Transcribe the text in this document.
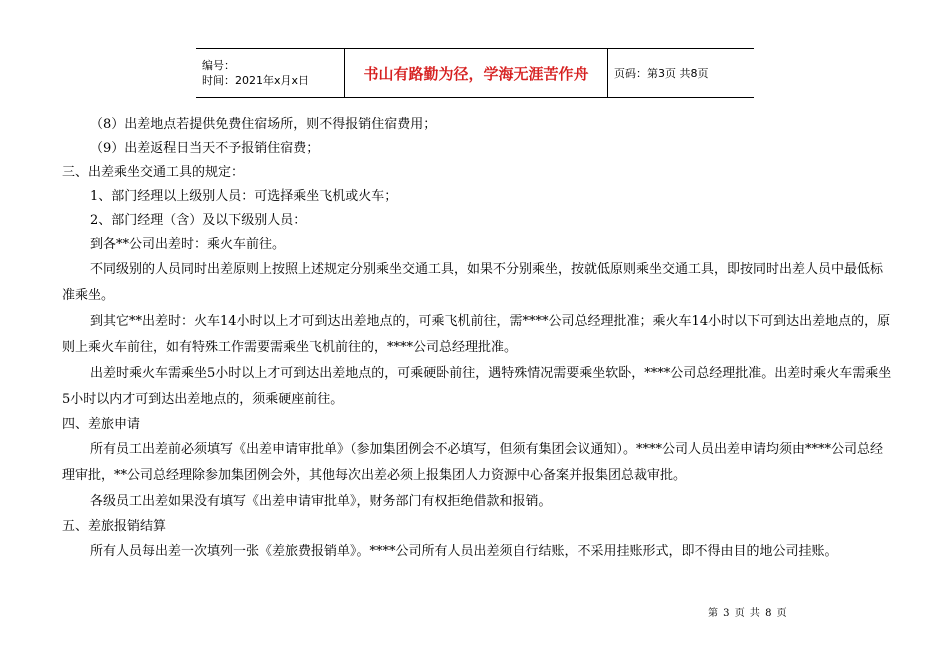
编号：
时间：2021年x月x日	书山有路勤为径，学海无涯苦作舟 页码：第3页 共8页

（8）出差地点若提供免费住宿场所，则不得报销住宿费用；

（9）出差返程日当天不予报销住宿费；

三、出差乘坐交通工具的规定：

1、部门经理以上级别人员：可选择乘坐飞机或火车；

2、部门经理（含）及以下级别人员：

到各**公司出差时：乘火车前往。

不同级别的人员同时出差原则上按照上述规定分别乘坐交通工具，如果不分别乘坐，按就低原则乘坐交通工具，即按同时出差人员中最低标准乘坐。

到其它**出差时：火车14小时以上才可到达出差地点的，可乘飞机前往，需****公司总经理批准；乘火车14小时以下可到达出差地点的，原则上乘火车前往，如有特殊工作需要需乘坐飞机前往的，****公司总经理批准。

出差时乘火车需乘坐5小时以上才可到达出差地点的，可乘硬卧前往，遇特殊情况需要乘坐软卧，****公司总经理批准。出差时乘火车需乘坐5小时以内才可到达出差地点的，须乘硬座前往。

四、差旅申请

所有员工出差前必须填写《出差申请审批单》（参加集团例会不必填写，但须有集团会议通知）。****公司人员出差申请均须由****公司总经理审批，**公司总经理除参加集团例会外，其他每次出差必须上报集团人力资源中心备案并报集团总裁审批。

各级员工出差如果没有填写《出差申请审批单》，财务部门有权拒绝借款和报销。

五、差旅报销结算

所有人员每出差一次填列一张《差旅费报销单》。****公司所有人员出差须自行结账，不采用挂账形式，即不得由目的地公司挂账。

第 3 页 共 8 页
